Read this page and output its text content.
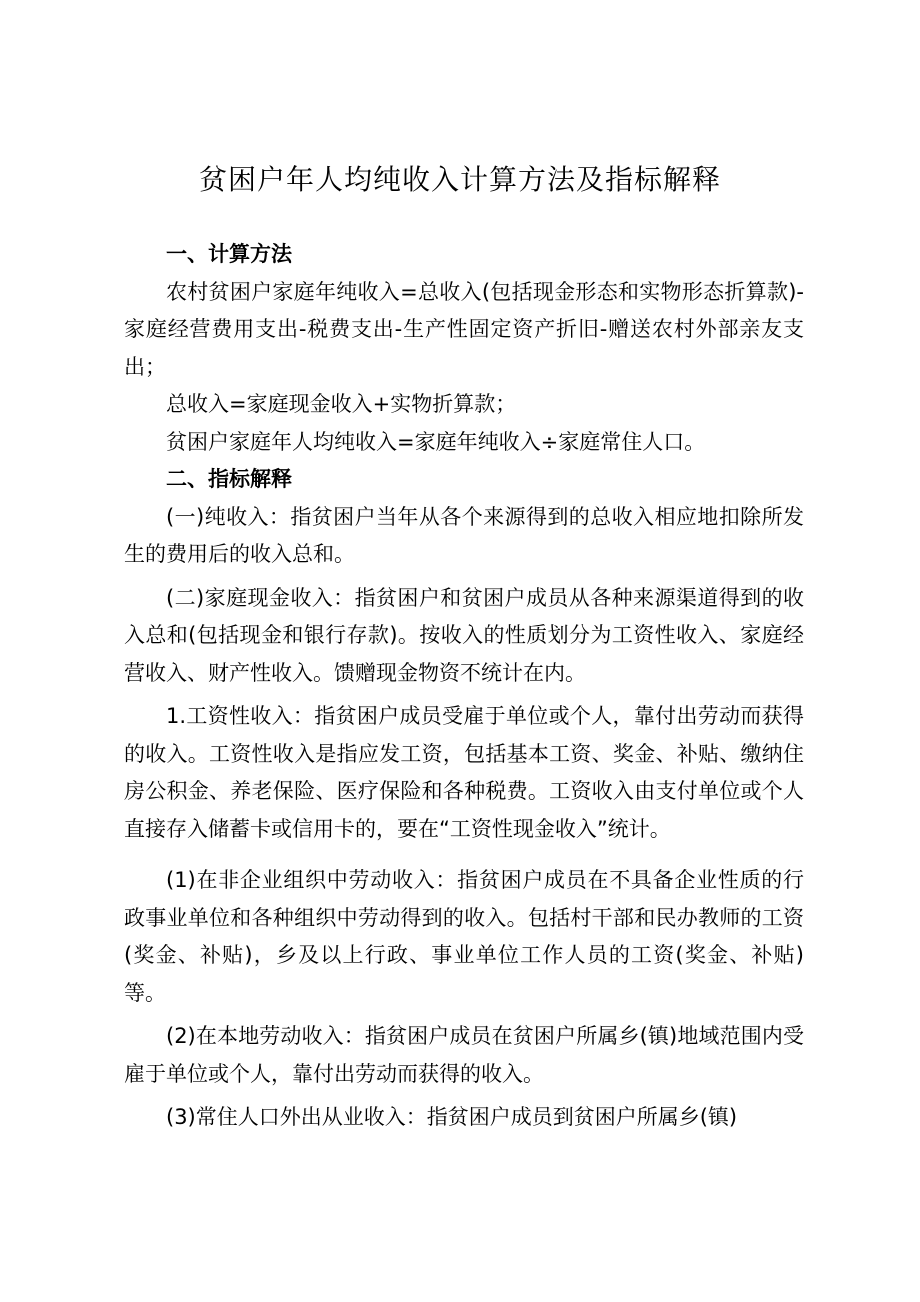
贫困户年人均纯收入计算方法及指标解释

一、计算方法

农村贫困户家庭年纯收入=总收入(包括现金形态和实物形态折算款)-家庭经营费用支出-税费支出-生产性固定资产折旧-赠送农村外部亲友支出；

总收入=家庭现金收入+实物折算款；

贫困户家庭年人均纯收入=家庭年纯收入÷家庭常住人口。

二、指标解释

(一)纯收入：指贫困户当年从各个来源得到的总收入相应地扣除所发生的费用后的收入总和。

(二)家庭现金收入：指贫困户和贫困户成员从各种来源渠道得到的收入总和(包括现金和银行存款)。按收入的性质划分为工资性收入、家庭经营收入、财产性收入。馈赠现金物资不统计在内。

1.工资性收入：指贫困户成员受雇于单位或个人，靠付出劳动而获得的收入。工资性收入是指应发工资，包括基本工资、奖金、补贴、缴纳住房公积金、养老保险、医疗保险和各种税费。工资收入由支付单位或个人直接存入储蓄卡或信用卡的，要在“工资性现金收入”统计。

(1)在非企业组织中劳动收入：指贫困户成员在不具备企业性质的行政事业单位和各种组织中劳动得到的收入。包括村干部和民办教师的工资(奖金、补贴)，乡及以上行政、事业单位工作人员的工资(奖金、补贴)等。

(2)在本地劳动收入：指贫困户成员在贫困户所属乡(镇)地域范围内受雇于单位或个人，靠付出劳动而获得的收入。

(3)常住人口外出从业收入：指贫困户成员到贫困户所属乡(镇)
